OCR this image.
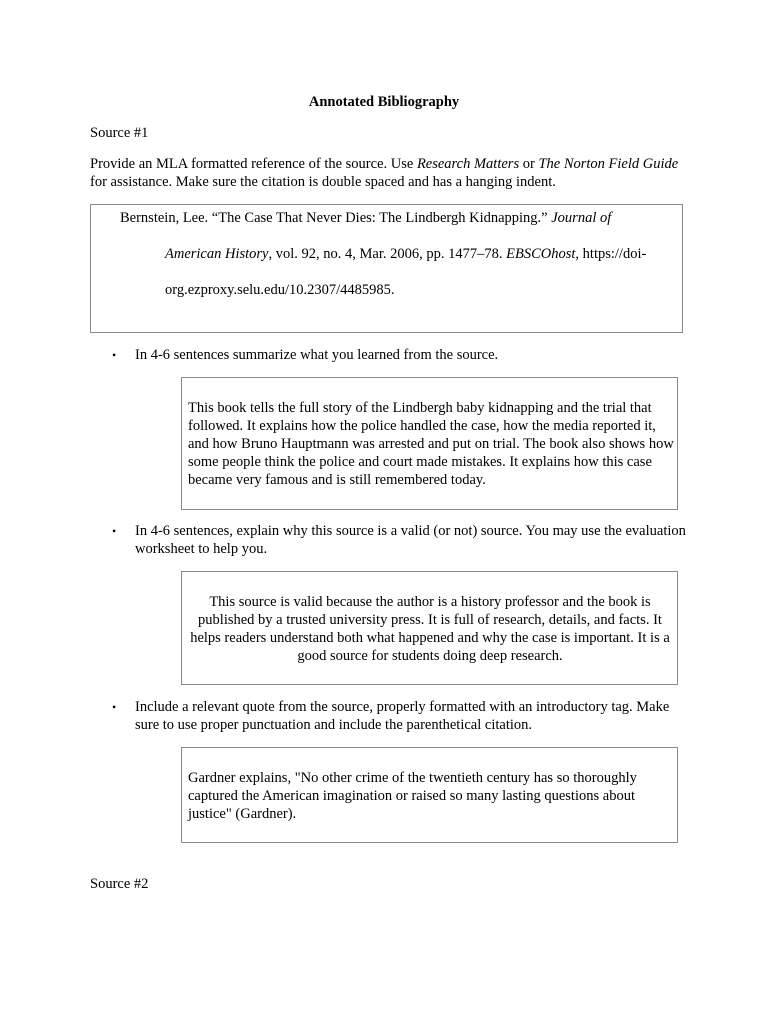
Annotated Bibliography
Source #1
Provide an MLA formatted reference of the source. Use Research Matters or The Norton Field Guide for assistance. Make sure the citation is double spaced and has a hanging indent.
Bernstein, Lee. “The Case That Never Dies: The Lindbergh Kidnapping.” Journal of
American History, vol. 92, no. 4, Mar. 2006, pp. 1477–78. EBSCOhost, https://doi-
org.ezproxy.selu.edu/10.2307/4485985.
• In 4-6 sentences summarize what you learned from the source.
This book tells the full story of the Lindbergh baby kidnapping and the trial that followed. It explains how the police handled the case, how the media reported it, and how Bruno Hauptmann was arrested and put on trial. The book also shows how some people think the police and court made mistakes. It explains how this case became very famous and is still remembered today.
• In 4-6 sentences, explain why this source is a valid (or not) source. You may use the evaluation worksheet to help you.
This source is valid because the author is a history professor and the book is published by a trusted university press. It is full of research, details, and facts. It helps readers understand both what happened and why the case is important. It is a good source for students doing deep research.
• Include a relevant quote from the source, properly formatted with an introductory tag. Make sure to use proper punctuation and include the parenthetical citation.
Gardner explains, "No other crime of the twentieth century has so thoroughly captured the American imagination or raised so many lasting questions about justice" (Gardner).
Source #2
